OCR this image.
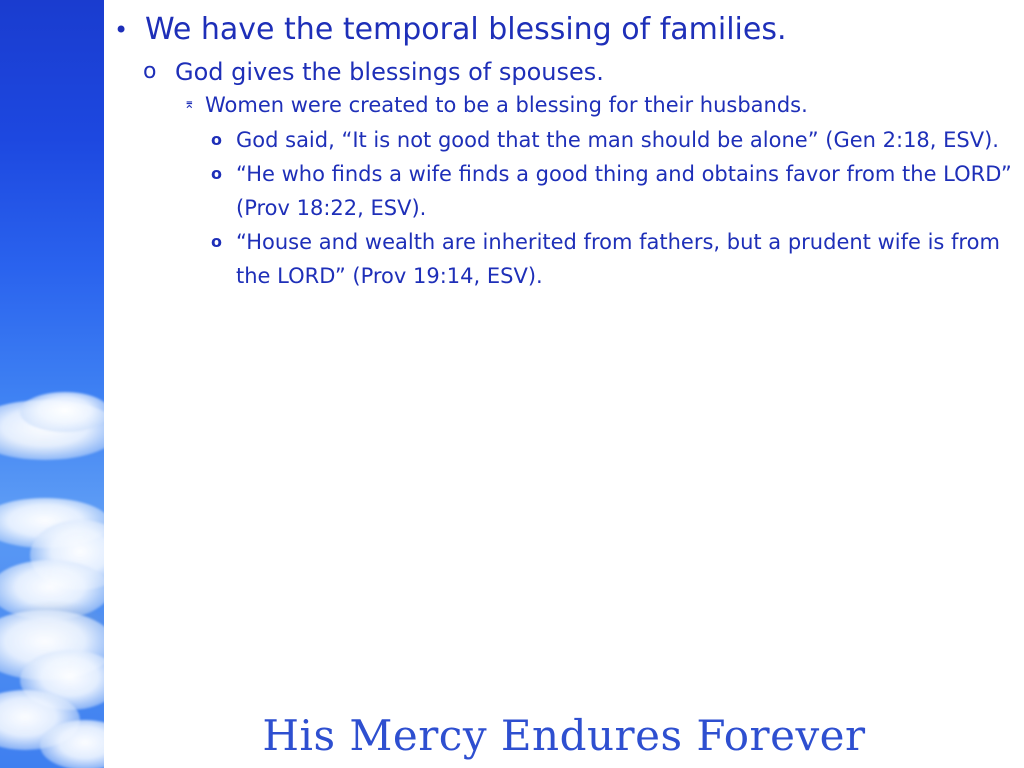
• We have the temporal blessing of families.
o God gives the blessings of spouses.
⌆ Women were created to be a blessing for their husbands.
o God said, “It is not good that the man should be alone” (Gen 2:18, ESV).
o “He who finds a wife finds a good thing and obtains favor from the LORD” (Prov 18:22, ESV).
o “House and wealth are inherited from fathers, but a prudent wife is from the LORD” (Prov 19:14, ESV).
His Mercy Endures Forever
